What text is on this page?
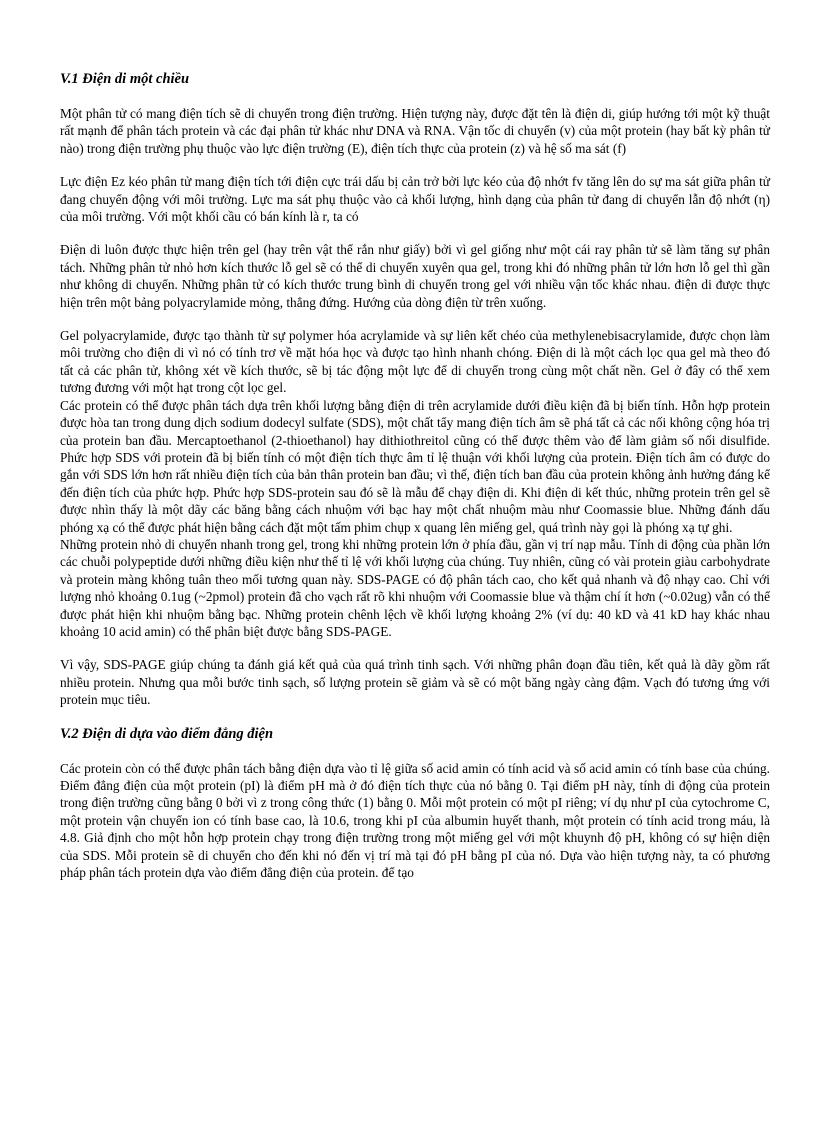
V.1 Điện di một chiều

Một phân tử có mang điện tích sẽ di chuyển trong điện trường. Hiện tượng này, được đặt tên là điện di, giúp hướng tới một kỹ thuật rất mạnh để phân tách protein và các đại phân tử khác như DNA và RNA. Vận tốc di chuyển (v) của một protein (hay bất kỳ phân tử nào) trong điện trường phụ thuộc vào lực điện trường (E), điện tích thực của protein (z) và hệ số ma sát (f)

Lực điện Ez kéo phân tử mang điện tích tới điện cực trái dấu bị cản trở bởi lực kéo của độ nhớt fv tăng lên do sự ma sát giữa phân tử đang chuyển động với môi trường. Lực ma sát phụ thuộc vào cả khối lượng, hình dạng của phân tử đang di chuyển lẫn độ nhớt (η) của môi trường. Với một khối cầu có bán kính là r, ta có

Điện di luôn được thực hiện trên gel (hay trên vật thể rắn như giấy) bởi vì gel giống như một cái ray phân tử sẽ làm tăng sự phân tách. Những phân tử nhỏ hơn kích thước lỗ gel sẽ có thể di chuyển xuyên qua gel, trong khi đó những phân tử lớn hơn lỗ gel thì gần như không di chuyển. Những phân tử có kích thước trung bình di chuyển trong gel với nhiều vận tốc khác nhau. điện di được thực hiện trên một bảng polyacrylamide mỏng, thẳng đứng. Hướng của dòng điện từ trên xuống.

Gel polyacrylamide, được tạo thành từ sự polymer hóa acrylamide và sự liên kết chéo của methylenebisacrylamide, được chọn làm môi trường cho điện di vì nó có tính trơ về mặt hóa học và được tạo hình nhanh chóng. Điện di là một cách lọc qua gel mà theo đó tất cả các phân tử, không xét về kích thước, sẽ bị tác động một lực để di chuyển trong cùng một chất nền. Gel ở đây có thể xem tương đương với một hạt trong cột lọc gel.

Các protein có thể được phân tách dựa trên khối lượng bằng điện di trên acrylamide dưới điều kiện đã bị biến tính. Hỗn hợp protein được hòa tan trong dung dịch sodium dodecyl sulfate (SDS), một chất tẩy mang điện tích âm sẽ phá tất cả các nối không cộng hóa trị của protein ban đầu. Mercaptoethanol (2-thioethanol) hay dithiothreitol cũng có thể được thêm vào để làm giảm số nối disulfide. Phức hợp SDS với protein đã bị biến tính có một điện tích thực âm tỉ lệ thuận với khối lượng của protein. Điện tích âm có được do gắn với SDS lớn hơn rất nhiều điện tích của bản thân protein ban đầu; vì thế, điện tích ban đầu của protein không ảnh hưởng đáng kể đến điện tích của phức hợp. Phức hợp SDS-protein sau đó sẽ là mẫu để chạy điện di. Khi điện di kết thúc, những protein trên gel sẽ được nhìn thấy là một dãy các băng bằng cách nhuộm với bạc hay một chất nhuộm màu như Coomassie blue. Những đánh dấu phóng xạ có thể được phát hiện bằng cách đặt một tấm phim chụp x quang lên miếng gel, quá trình này gọi là phóng xạ tự ghi.

Những protein nhỏ di chuyển nhanh trong gel, trong khi những protein lớn ở phía đầu, gần vị trí nạp mẫu. Tính di động của phần lớn các chuỗi polypeptide dưới những điều kiện như thế tỉ lệ với khối lượng của chúng. Tuy nhiên, cũng có vài protein giàu carbohydrate và protein màng không tuân theo mối tương quan này. SDS-PAGE có độ phân tách cao, cho kết quả nhanh và độ nhạy cao. Chỉ với lượng nhỏ khoảng 0.1ug (~2pmol) protein đã cho vạch rất rõ khi nhuộm với Coomassie blue và thậm chí ít hơn (~0.02ug) vẫn có thể được phát hiện khi nhuộm bằng bạc. Những protein chênh lệch về khối lượng khoảng 2% (ví dụ: 40 kD và 41 kD hay khác nhau khoảng 10 acid amin) có thể phân biệt được bằng SDS-PAGE.

Vì vậy, SDS-PAGE giúp chúng ta đánh giá kết quả của quá trình tinh sạch. Với những phân đoạn đầu tiên, kết quả là dãy gồm rất nhiều protein. Nhưng qua mỗi bước tinh sạch, số lượng protein sẽ giảm và sẽ có một băng ngày càng đậm. Vạch đó tương ứng với protein mục tiêu.

V.2 Điện di dựa vào điểm đẳng điện

Các protein còn có thể được phân tách bằng điện dựa vào tỉ lệ giữa số acid amin có tính acid và số acid amin có tính base của chúng. Điểm đẳng điện của một protein (pI) là điểm pH mà ở đó điện tích thực của nó bằng 0. Tại điểm pH này, tính di động của protein trong điện trường cũng bằng 0 bởi vì z trong công thức (1) bằng 0. Mỗi một protein có một pI riêng; ví dụ như pI của cytochrome C, một protein vận chuyển ion có tính base cao, là 10.6, trong khi pI của albumin huyết thanh, một protein có tính acid trong máu, là 4.8. Giả định cho một hỗn hợp protein chạy trong điện trường trong một miếng gel với một khuynh độ pH, không có sự hiện diện của SDS. Mỗi protein sẽ di chuyển cho đến khi nó đến vị trí mà tại đó pH bằng pI của nó. Dựa vào hiện tượng này, ta có phương pháp phân tách protein dựa vào điểm đẳng điện của protein. để tạo
